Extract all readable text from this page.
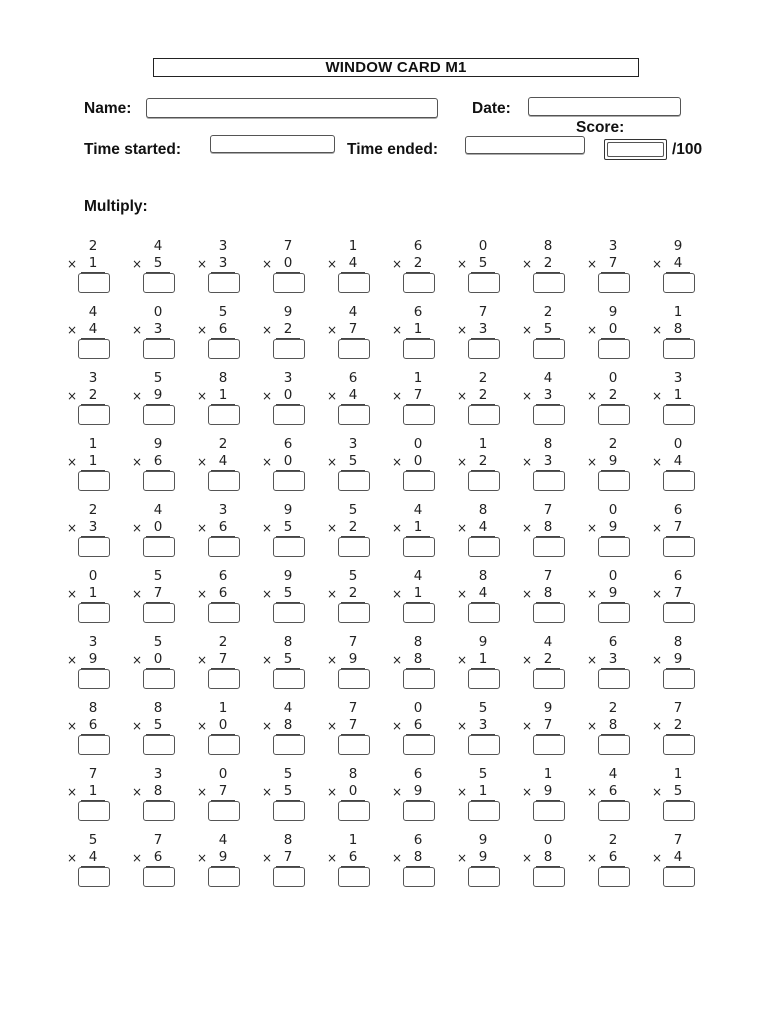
WINDOW CARD M1
Name:	Date:
Score:
Time started:	Time ended:	/100
Multiply:
2
× 1
4
× 5
3
× 3
7
× 0
1
× 4
6
× 2
0
× 5
8
× 2
3
× 7
9
× 4
4
× 4
0
× 3
5
× 6
9
× 2
4
× 7
6
× 1
7
× 3
2
× 5
9
× 0
1
× 8
3
× 2
5
× 9
8
× 1
3
× 0
6
× 4
1
× 7
2
× 2
4
× 3
0
× 2
3
× 1
1
× 1
9
× 6
2
× 4
6
× 0
3
× 5
0
× 0
1
× 2
8
× 3
2
× 9
0
× 4
2
× 3
4
× 0
3
× 6
9
× 5
5
× 2
4
× 1
8
× 4
7
× 8
0
× 9
6
× 7
0
× 1
5
× 7
6
× 6
9
× 5
5
× 2
4
× 1
8
× 4
7
× 8
0
× 9
6
× 7
3
× 9
5
× 0
2
× 7
8
× 5
7
× 9
8
× 8
9
× 1
4
× 2
6
× 3
8
× 9
8
× 6
8
× 5
1
× 0
4
× 8
7
× 7
0
× 6
5
× 3
9
× 7
2
× 8
7
× 2
7
× 1
3
× 8
0
× 7
5
× 5
8
× 0
6
× 9
5
× 1
1
× 9
4
× 6
1
× 5
5
× 4
7
× 6
4
× 9
8
× 7
1
× 6
6
× 8
9
× 9
0
× 8
2
× 6
7
× 4
